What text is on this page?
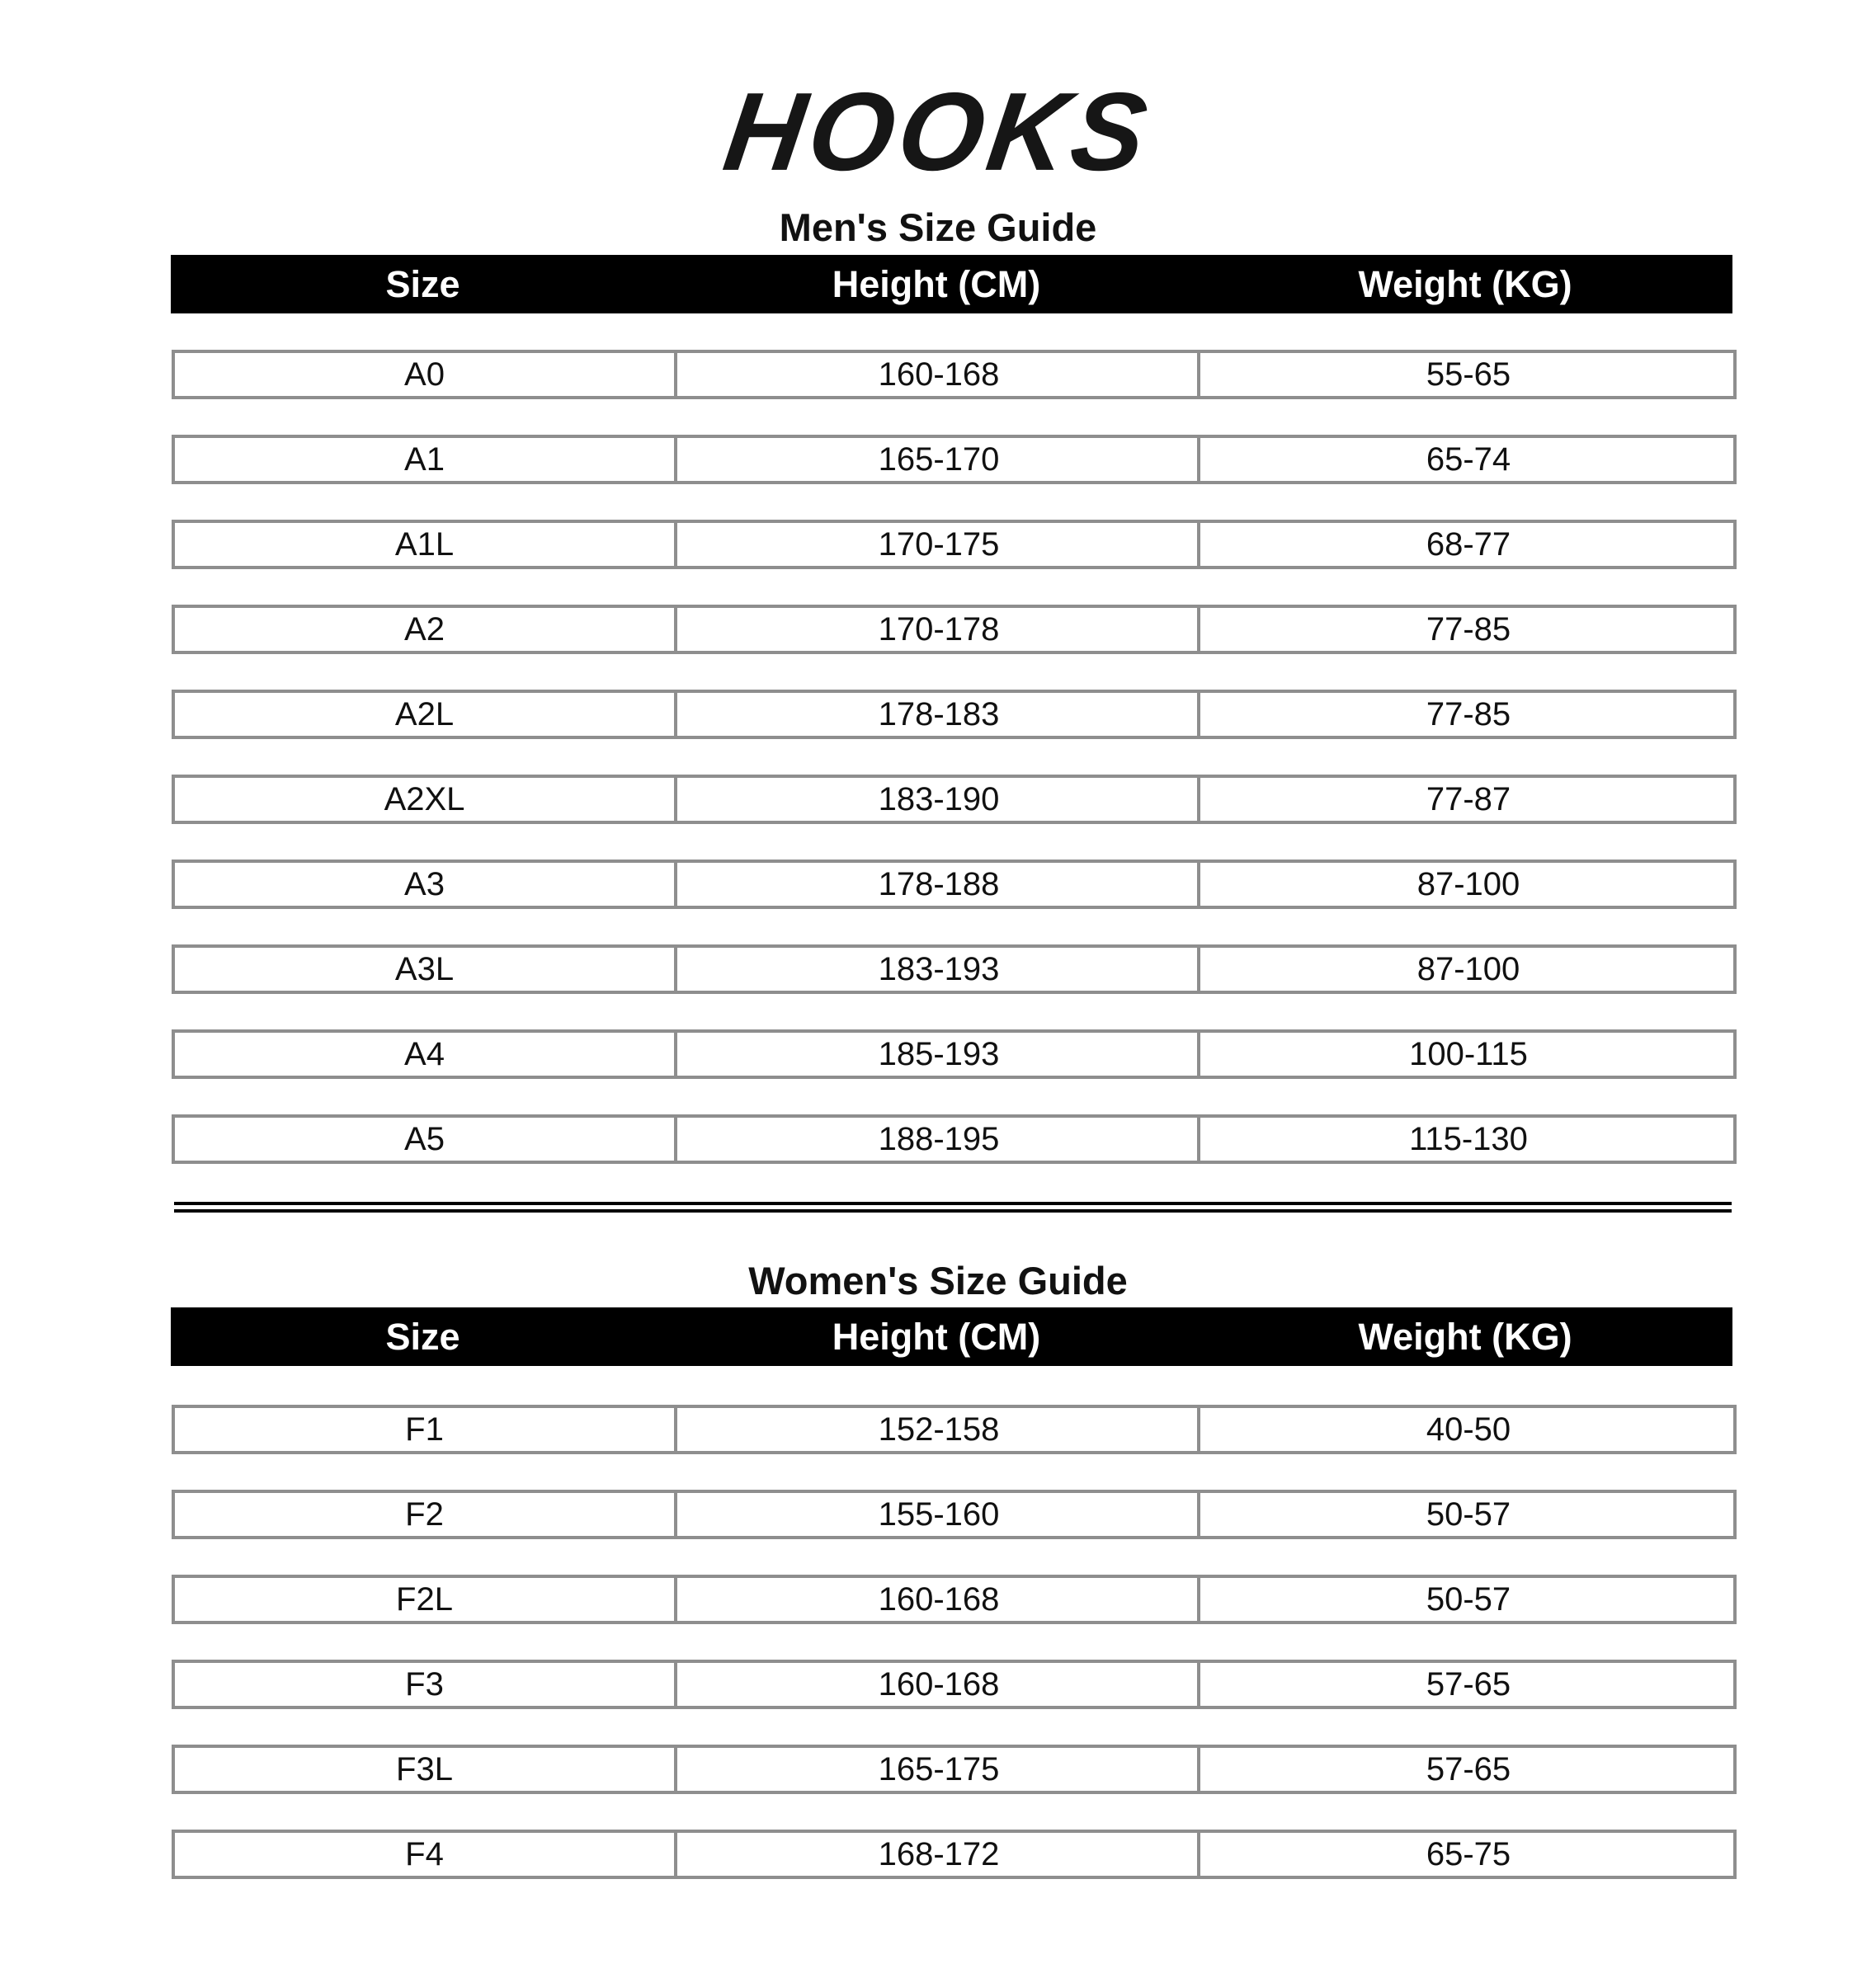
HOOKS
Men's Size Guide
Size	Height (CM)	Weight (KG)
A0	160-168	55-65
A1	165-170	65-74
A1L	170-175	68-77
A2	170-178	77-85
A2L	178-183	77-85
A2XL	183-190	77-87
A3	178-188	87-100
A3L	183-193	87-100
A4	185-193	100-115
A5	188-195	115-130
Women's Size Guide
Size	Height (CM)	Weight (KG)
F1	152-158	40-50
F2	155-160	50-57
F2L	160-168	50-57
F3	160-168	57-65
F3L	165-175	57-65
F4	168-172	65-75
